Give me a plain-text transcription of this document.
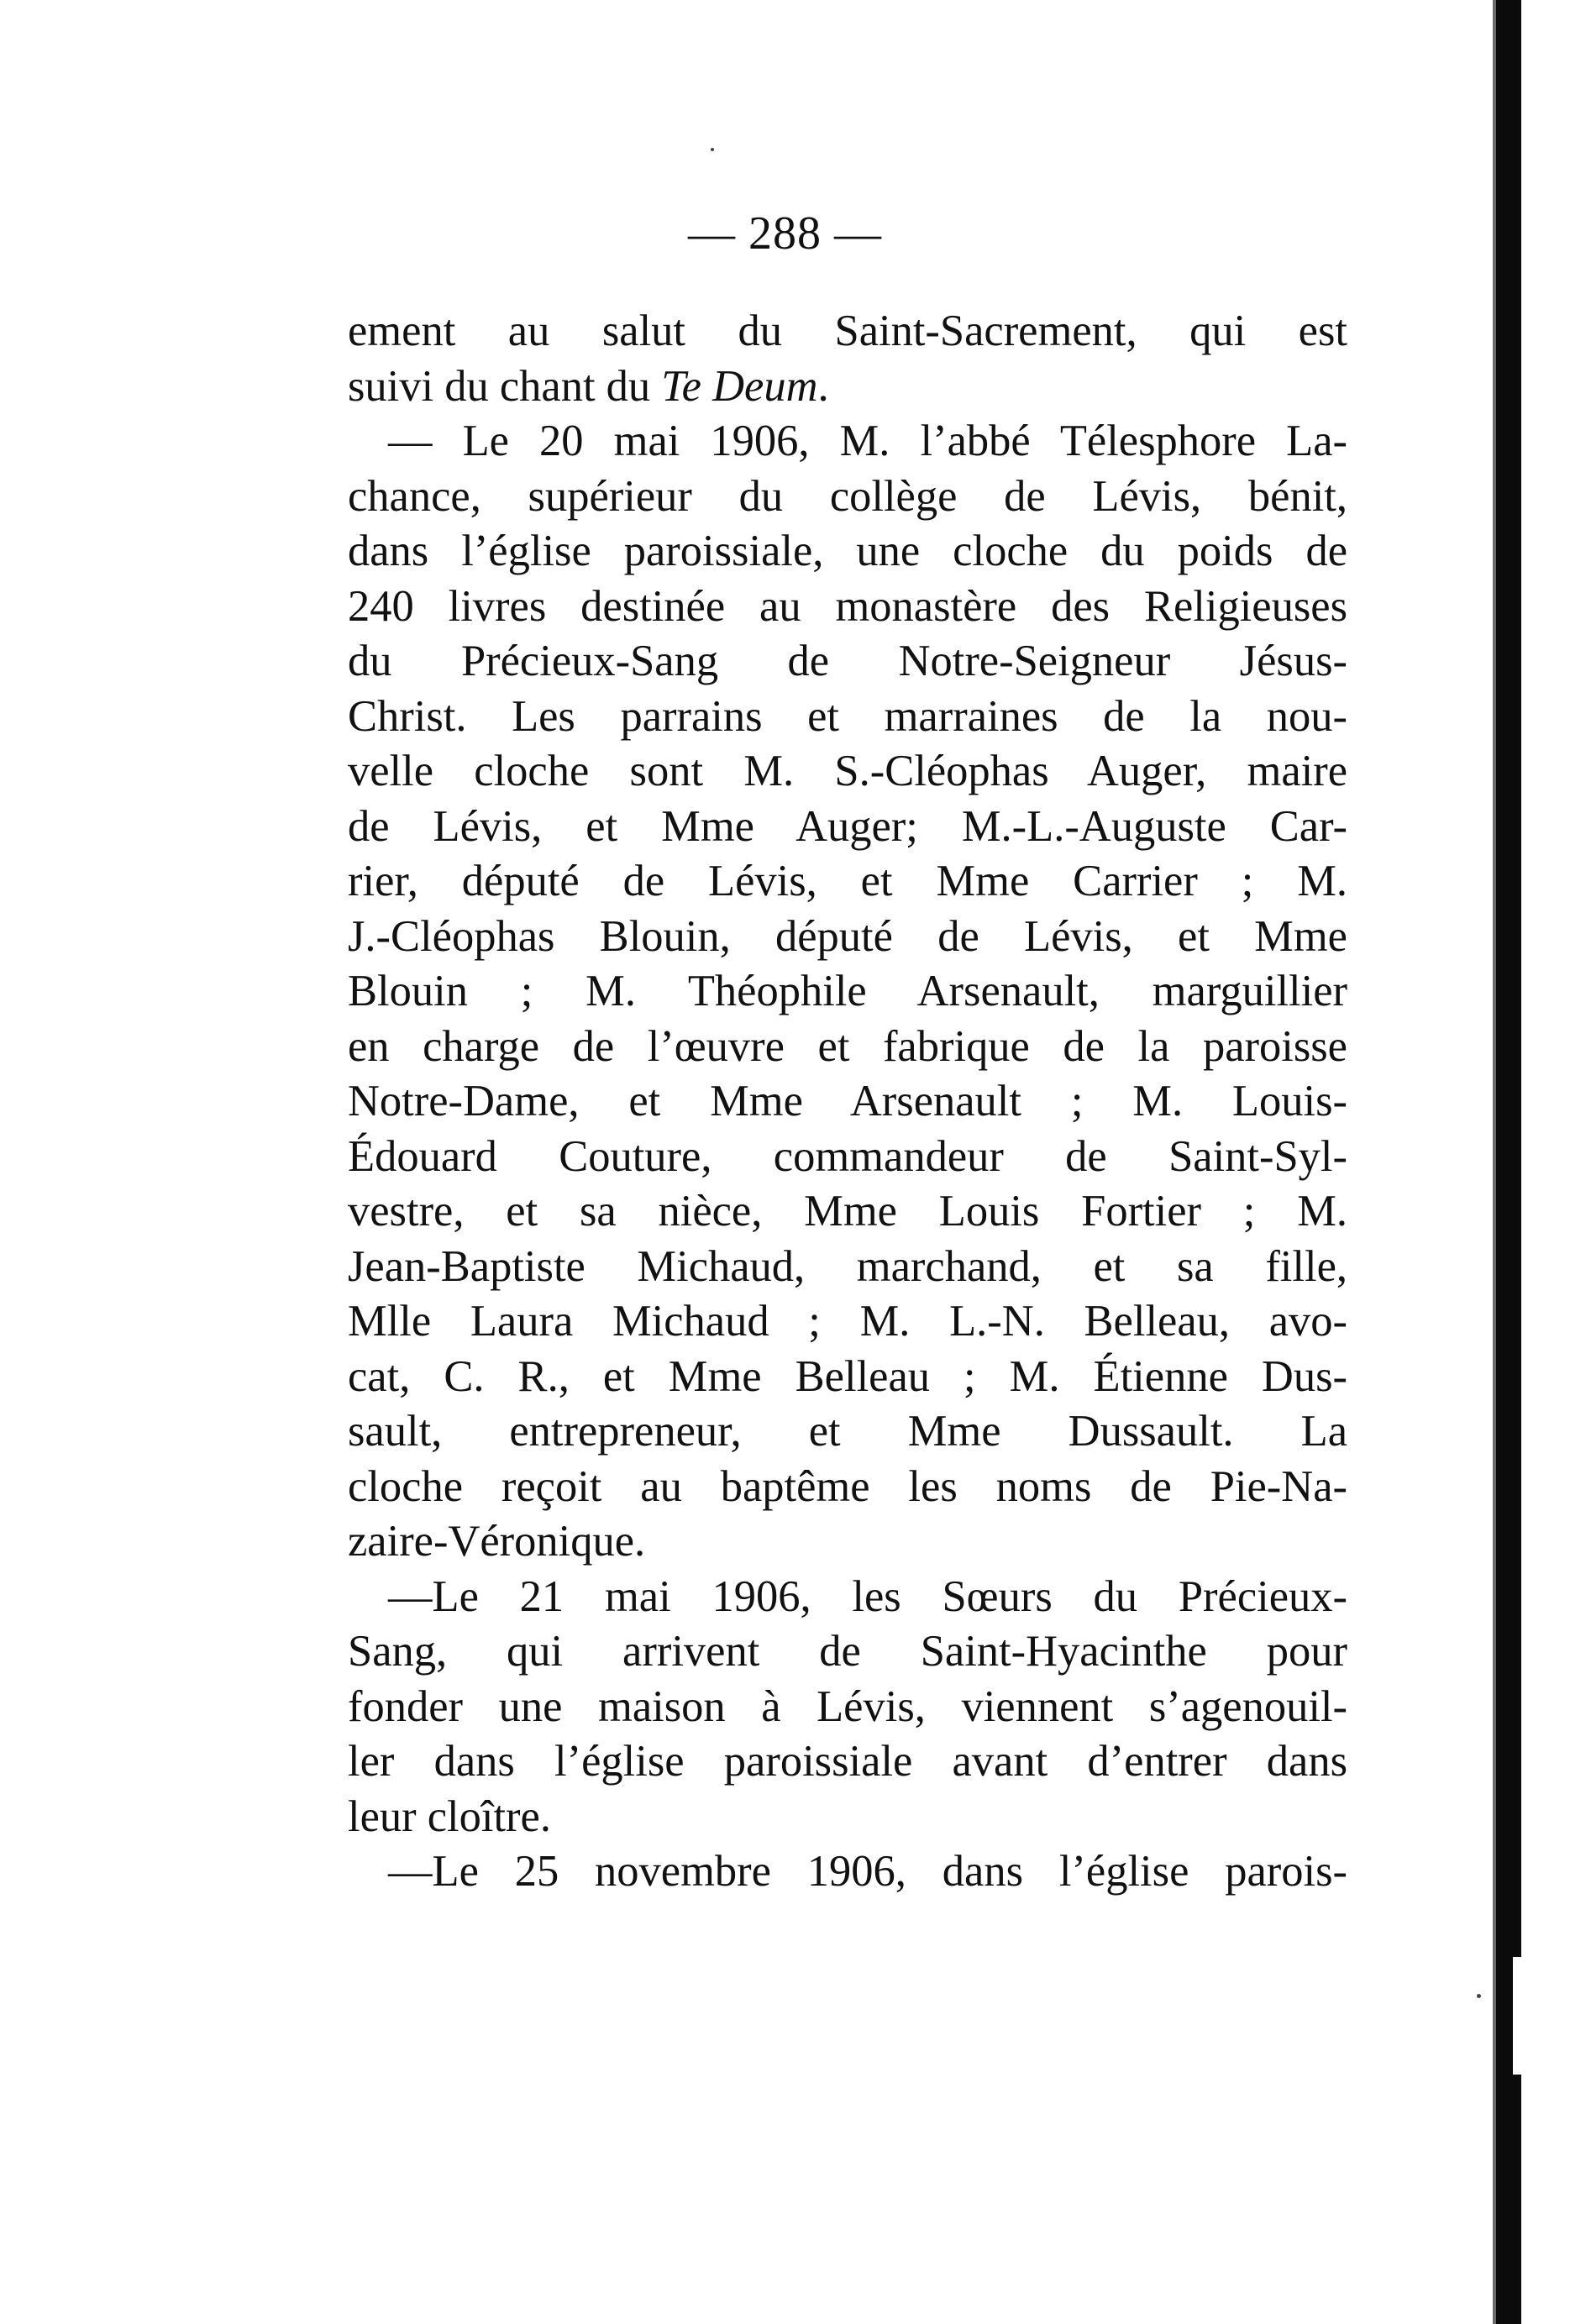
— 288 —
ement au salut du Saint-Sacrement, qui est
suivi du chant du Te Deum.
— Le 20 mai 1906, M. l’abbé Télesphore La-
chance, supérieur du collège de Lévis, bénit,
dans l’église paroissiale, une cloche du poids de
240 livres destinée au monastère des Religieuses
du Précieux-Sang de Notre-Seigneur Jésus-
Christ. Les parrains et marraines de la nou-
velle cloche sont M. S.-Cléophas Auger, maire
de Lévis, et Mme Auger; M.-L.-Auguste Car-
rier, député de Lévis, et Mme Carrier ; M.
J.-Cléophas Blouin, député de Lévis, et Mme
Blouin ; M. Théophile Arsenault, marguillier
en charge de l’œuvre et fabrique de la paroisse
Notre-Dame, et Mme Arsenault ; M. Louis-
Édouard Couture, commandeur de Saint-Syl-
vestre, et sa nièce, Mme Louis Fortier ; M.
Jean-Baptiste Michaud, marchand, et sa fille,
Mlle Laura Michaud ; M. L.-N. Belleau, avo-
cat, C. R., et Mme Belleau ; M. Étienne Dus-
sault, entrepreneur, et Mme Dussault. La
cloche reçoit au baptême les noms de Pie-Na-
zaire-Véronique.
—Le 21 mai 1906, les Sœurs du Précieux-
Sang, qui arrivent de Saint-Hyacinthe pour
fonder une maison à Lévis, viennent s’agenouil-
ler dans l’église paroissiale avant d’entrer dans
leur cloître.
—Le 25 novembre 1906, dans l’église parois-
